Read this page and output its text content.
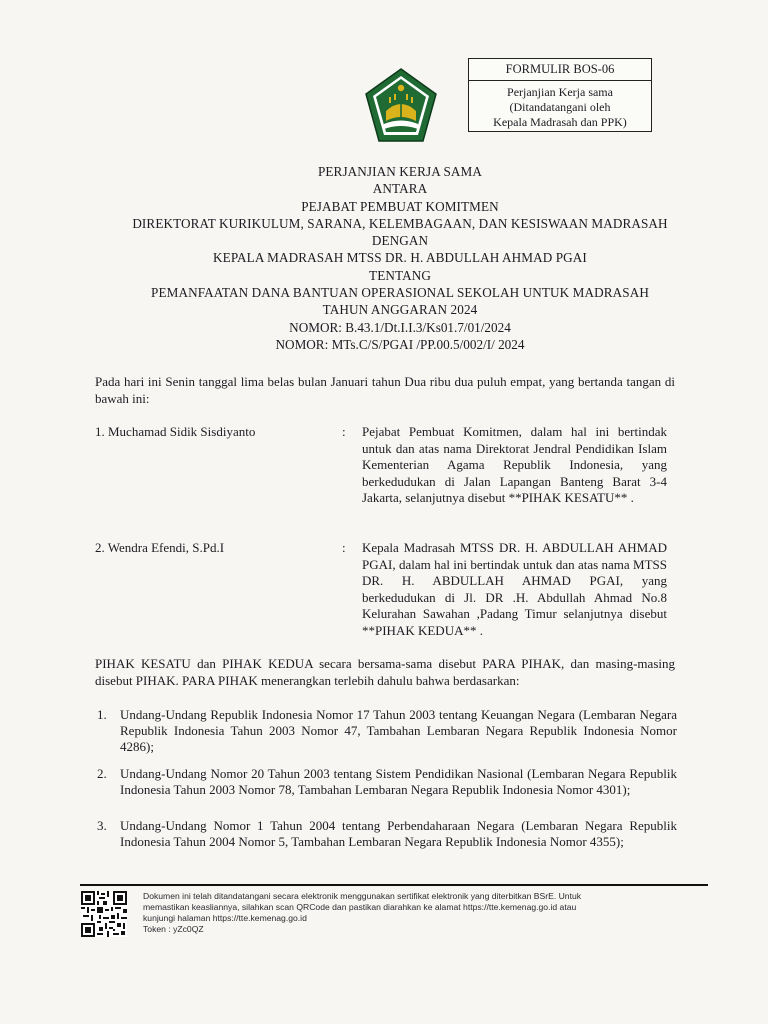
FORMULIR BOS-06
Perjanjian Kerja sama
(Ditandatangani oleh
Kepala Madrasah dan PPK)
PERJANJIAN KERJA SAMA
ANTARA
PEJABAT PEMBUAT KOMITMEN
DIREKTORAT KURIKULUM, SARANA, KELEMBAGAAN, DAN KESISWAAN MADRASAH
DENGAN
KEPALA MADRASAH MTSS DR. H. ABDULLAH AHMAD PGAI
TENTANG
PEMANFAATAN DANA BANTUAN OPERASIONAL SEKOLAH UNTUK MADRASAH
TAHUN ANGGARAN 2024
NOMOR: B.43.1/Dt.I.I.3/Ks01.7/01/2024
NOMOR: MTs.C/S/PGAI /PP.00.5/002/I/ 2024
Pada hari ini Senin tanggal lima belas bulan Januari tahun Dua ribu dua puluh empat, yang bertanda tangan di bawah ini:
1. Muchamad Sidik Sisdiyanto	: Pejabat Pembuat Komitmen, dalam hal ini bertindak untuk dan atas nama Direktorat Jendral Pendidikan Islam Kementerian Agama Republik Indonesia, yang berkedudukan di Jalan Lapangan Banteng Barat 3-4 Jakarta, selanjutnya disebut **PIHAK KESATU** .
2. Wendra Efendi, S.Pd.I	: Kepala Madrasah MTSS DR. H. ABDULLAH AHMAD PGAI, dalam hal ini bertindak untuk dan atas nama MTSS DR. H. ABDULLAH AHMAD PGAI, yang berkedudukan di Jl. DR .H. Abdullah Ahmad No.8 Kelurahan Sawahan ,Padang Timur selanjutnya disebut **PIHAK KEDUA** .
PIHAK KESATU dan PIHAK KEDUA secara bersama-sama disebut PARA PIHAK, dan masing-masing disebut PIHAK. PARA PIHAK menerangkan terlebih dahulu bahwa berdasarkan:
1. Undang-Undang Republik Indonesia Nomor 17 Tahun 2003 tentang Keuangan Negara (Lembaran Negara Republik Indonesia Tahun 2003 Nomor 47, Tambahan Lembaran Negara Republik Indonesia Nomor 4286);
2. Undang-Undang Nomor 20 Tahun 2003 tentang Sistem Pendidikan Nasional (Lembaran Negara Republik Indonesia Tahun 2003 Nomor 78, Tambahan Lembaran Negara Republik Indonesia Nomor 4301);
3. Undang-Undang Nomor 1 Tahun 2004 tentang Perbendaharaan Negara (Lembaran Negara Republik Indonesia Tahun 2004 Nomor 5, Tambahan Lembaran Negara Republik Indonesia Nomor 4355);
Dokumen ini telah ditandatangani secara elektronik menggunakan sertifikat elektronik yang diterbitkan BSrE. Untuk
memastikan keasliannya, silahkan scan QRCode dan pastikan diarahkan ke alamat https://tte.kemenag.go.id atau
kunjungi halaman https://tte.kemenag.go.id
Token : yZc0QZ
